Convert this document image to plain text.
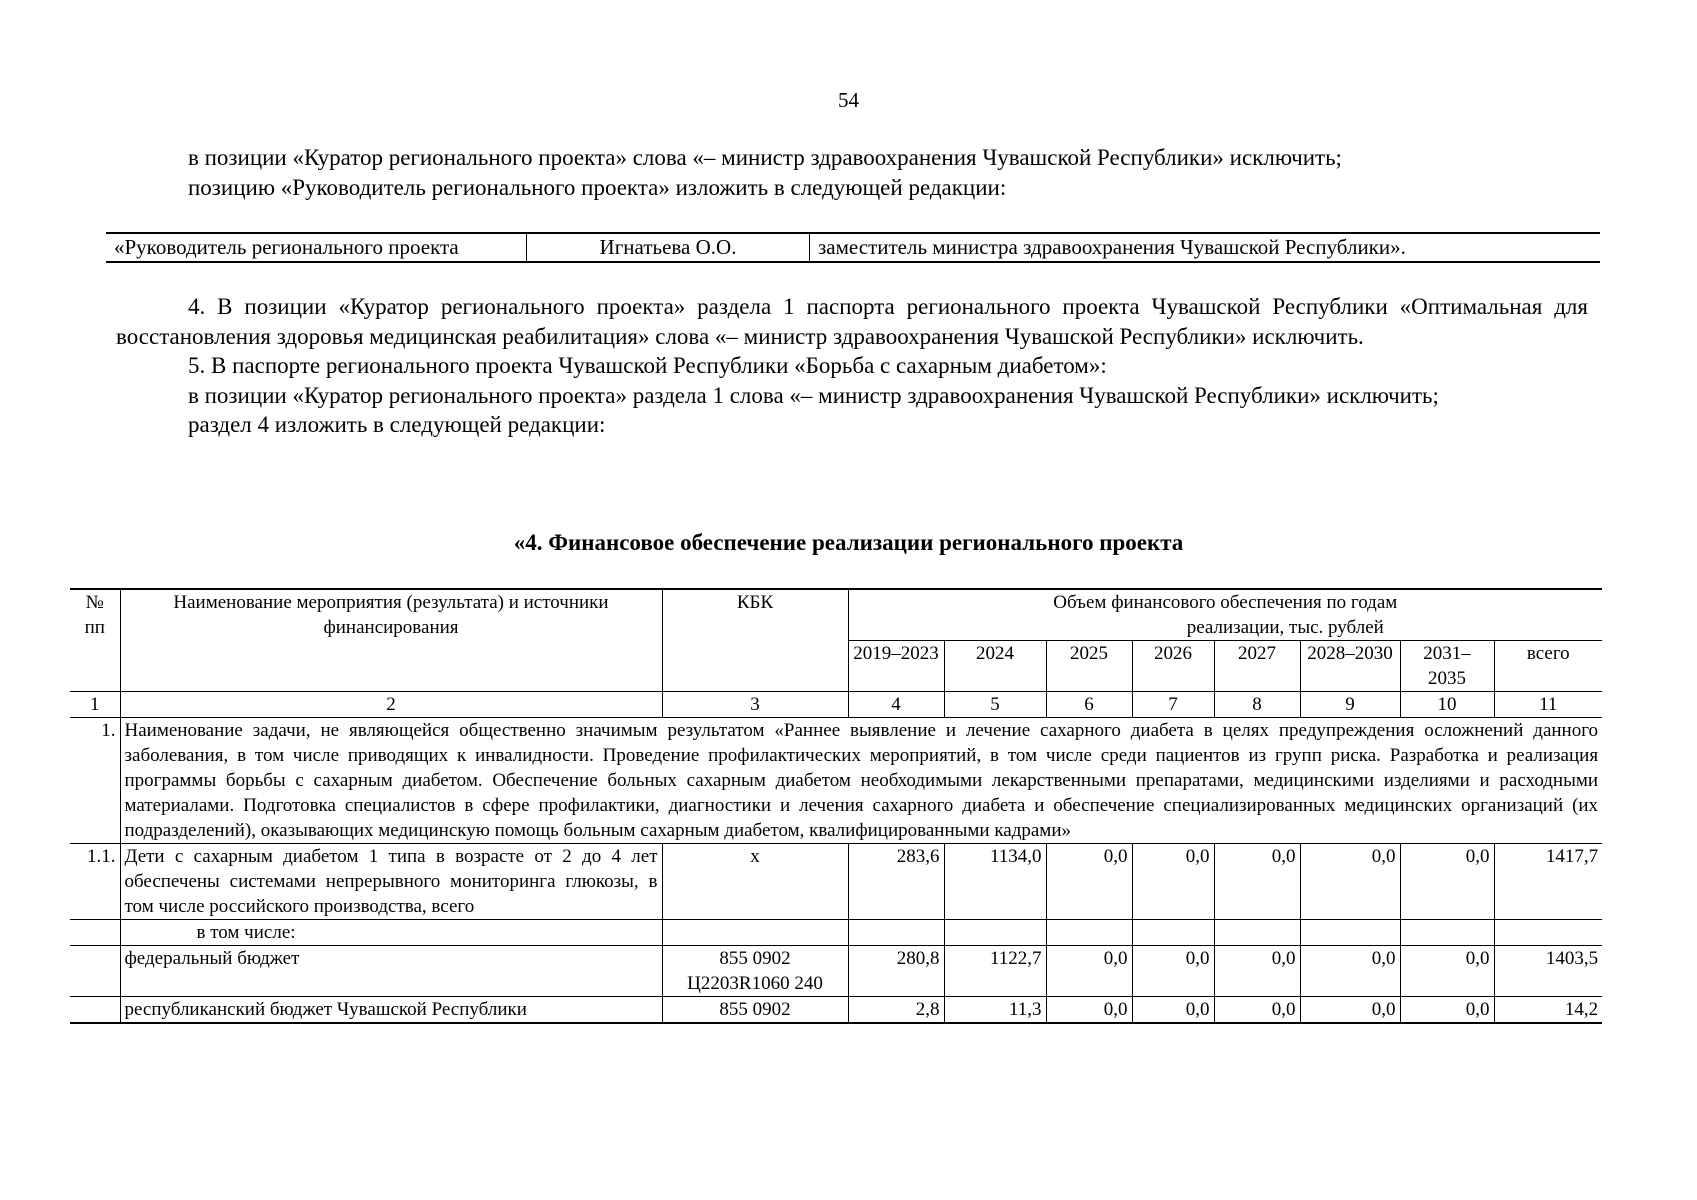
54

в позиции «Куратор регионального проекта» слова «– министр здравоохранения Чувашской Республики» исключить;

позицию «Руководитель регионального проекта» изложить в следующей редакции:

«Руководитель регионального проекта	Игнатьева О.О.	заместитель министра здравоохранения Чувашской Республики».

4. В позиции «Куратор регионального проекта» раздела 1 паспорта регионального проекта Чувашской Республики «Оптимальная для восстановления здоровья медицинская реабилитация» слова «– министр здравоохранения Чувашской Республики» исключить.

5. В паспорте регионального проекта Чувашской Республики «Борьба с сахарным диабетом»:

в позиции «Куратор регионального проекта» раздела 1 слова «– министр здравоохранения Чувашской Республики» исключить;

раздел 4 изложить в следующей редакции:

«4. Финансовое обеспечение реализации регионального проекта
№ пп	Наименование мероприятия (результата) и источники финансирования	КБК	Объем финансового обеспечения по годам
реализации, тыс. рублей							

			2019–2023	2024	2025	2026	2027	2028–2030	2031–2035	всего
1	2	3	4	5	6	7	8	9	10	11
1.	Наименование задачи, не являющейся общественно значимым результатом «Раннее выявление и лечение сахарного диабета в целях предупреждения осложнений данного заболевания, в том числе приводящих к инвалидности. Проведение профилактических мероприятий, в том числе среди пациентов из групп риска. Разработка и реализация программы борьбы с сахарным диабетом. Обеспечение больных сахарным диабетом необходимыми лекарственными препаратами, медицинскими изделиями и расходными материалами. Подготовка специалистов в сфере профилактики, диагностики и лечения сахарного диабета и обеспечение специализированных медицинских организаций (их подразделений), оказывающих медицинскую помощь больным сахарным диабетом, квалифицированными кадрами»									
1.1.	Дети с сахарным диабетом 1 типа в возрасте от 2 до 4 лет обеспечены системами непрерывного мониторинга глюкозы, в том числе российского производства, всего	х	283,6	1134,0	0,0	0,0	0,0	0,0	0,0	1417,7
	в том числе:									
	федеральный бюджет	855 0902 Ц2203R1060 240	280,8	1122,7	0,0	0,0	0,0	0,0	0,0	1403,5
	республиканский бюджет Чувашской Республики	855 0902	2,8	11,3	0,0	0,0	0,0	0,0	0,0	14,2
